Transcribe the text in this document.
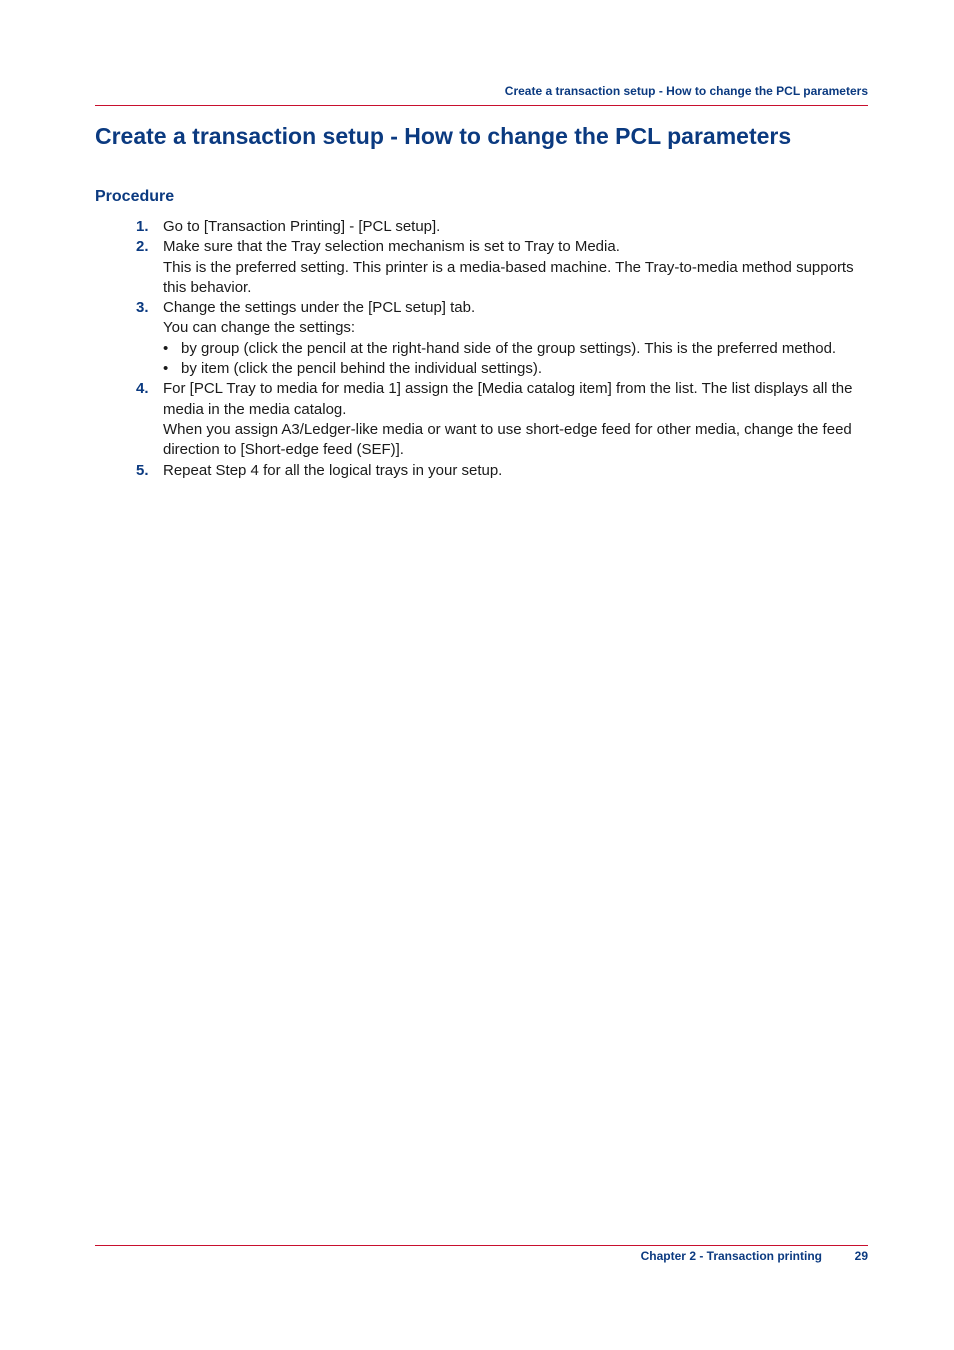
Create a transaction setup - How to change the PCL parameters
Create a transaction setup - How to change the PCL parameters
Procedure
1. Go to [Transaction Printing] - [PCL setup].
2. Make sure that the Tray selection mechanism is set to Tray to Media.
This is the preferred setting. This printer is a media-based machine. The Tray-to-media method supports this behavior.
3. Change the settings under the [PCL setup] tab.
You can change the settings:
• by group (click the pencil at the right-hand side of the group settings). This is the preferred method.
• by item (click the pencil behind the individual settings).
4. For [PCL Tray to media for media 1] assign the [Media catalog item] from the list. The list displays all the media in the media catalog.
When you assign A3/Ledger-like media or want to use short-edge feed for other media, change the feed direction to [Short-edge feed (SEF)].
5. Repeat Step 4 for all the logical trays in your setup.
Chapter 2 - Transaction printing	29
